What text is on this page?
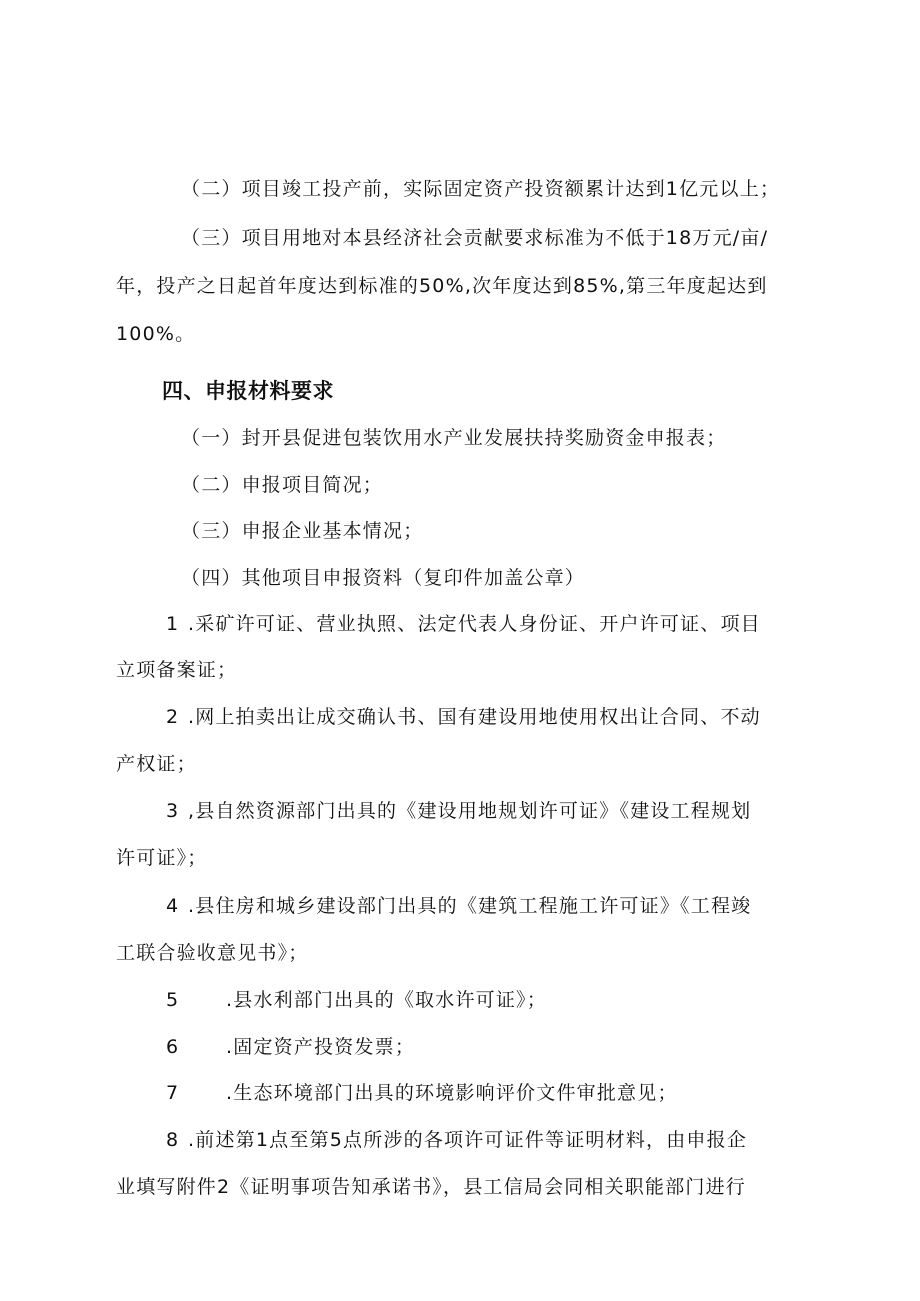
（二）项目竣工投产前，实际固定资产投资额累计达到1亿元以上；
（三）项目用地对本县经济社会贡献要求标准为不低于18万元/亩/
年，投产之日起首年度达到标准的50%,次年度达到85%,第三年度起达到
100%。
四、申报材料要求
（一）封开县促进包装饮用水产业发展扶持奖励资金申报表；
（二）申报项目简况；
（三）申报企业基本情况；
（四）其他项目申报资料（复印件加盖公章）
1 .采矿许可证、营业执照、法定代表人身份证、开户许可证、项目
立项备案证；
2 .网上拍卖出让成交确认书、国有建设用地使用权出让合同、不动
产权证；
3 ,县自然资源部门出具的《建设用地规划许可证》《建设工程规划
许可证》；
4 .县住房和城乡建设部门出具的《建筑工程施工许可证》《工程竣
工联合验收意见书》；
5 .县水利部门出具的《取水许可证》；
6 .固定资产投资发票；
7 .生态环境部门出具的环境影响评价文件审批意见；
8 .前述第1点至第5点所涉的各项许可证件等证明材料，由申报企
业填写附件2《证明事项告知承诺书》，县工信局会同相关职能部门进行
